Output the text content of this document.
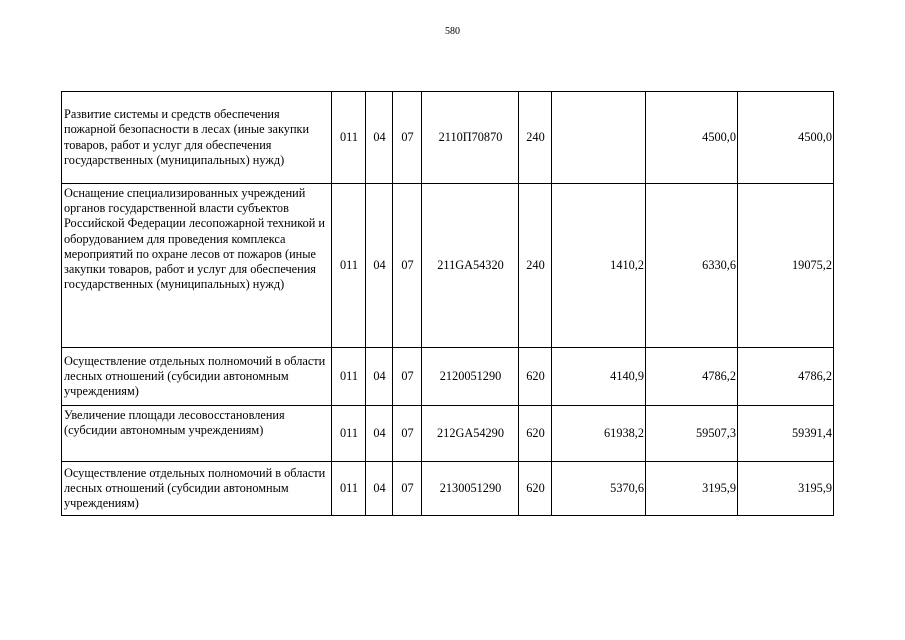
580
Развитие системы и средств обеспечения пожарной безопасности в лесах (иные закупки товаров, работ и услуг для обеспечения государственных (муниципальных) нужд)	011	04	07	2110П70870	240		4500,0	4500,0
Оснащение специализированных учреждений органов государственной власти субъектов Российской Федерации лесопожарной техникой и оборудованием для проведения комплекса мероприятий по охране лесов от пожаров (иные закупки товаров, работ и услуг для обеспечения государственных (муниципальных) нужд)	011	04	07	211GA54320	240	1410,2	6330,6	19075,2
Осуществление отдельных полномочий в области лесных отношений (субсидии автономным учреждениям)	011	04	07	2120051290	620	4140,9	4786,2	4786,2
Увеличение площади лесовосстановления (субсидии автономным учреждениям)	011	04	07	212GA54290	620	61938,2	59507,3	59391,4
Осуществление отдельных полномочий в области лесных отношений (субсидии автономным учреждениям)	011	04	07	2130051290	620	5370,6	3195,9	3195,9
